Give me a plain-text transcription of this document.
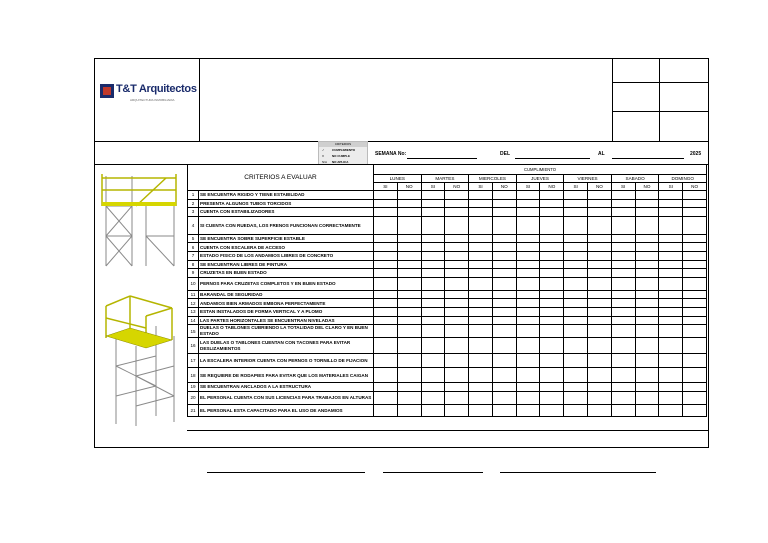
T&T Arquitectos
ARQUITECTURA INMOBILIARIA
CRITERIOS
✓ CUMPLIMIENTO
X	NO CUMPLE
N/A NO APLICA
SEMANA No:	DEL	AL	2025
CRITERIOS A EVALUAR		CUMPLIMIENTO													
		LUNES		MARTES		MIERCOLES		JUEVES		VIERNES		SABADO		DOMINGO	
		SI	NO	SI	NO	SI	NO	SI	NO	SI	NO	SI	NO	SI	NO
1	SE ENCUENTRA RIGIDO Y TIENE ESTABILIDAD														
2	PRESENTA ALGUNOS TUBOS TORCIDOS														
3	CUENTA CON ESTABILIZADORES														
4	SI CUENTA CON RUEDAS, LOS FRENOS FUNCIONAN CORRECTAMENTE														
5	SE ENCUENTRA SOBRE SUPERFICIE ESTABLE														
6	CUENTA CON ESCALERA DE ACCESO														
7	ESTADO FISICO DE LOS ANDAMIOS LIBRES DE CONCRETO														
8	SE ENCUENTRAN LIBRES DE PINTURA														
9	CRUZETAS EN BUEN ESTADO														
10	PERNOS PARA CRUZETAS COMPLETOS Y EN BUEN ESTADO														
11	BARANDAL DE SEGURIDAD														
12	ANDAMIOS BIEN ARMADOS EMBONA PERFECTAMENTE														
13	ESTAN INSTALADOS DE FORMA VERTICAL Y A PLOMO														
14	LAS PARTES HORIZONTALES SE ENCUENTRAN NIVELADAS														
15	DUELAS O TABLONES CUBRIENDO LA TOTALIDAD DEL CLARO Y EN BUEN ESTADO														
16	LAS DUELAS O TABLONES CUENTAN CON TACONES PARA EVITAR DESLIZAMIENTOS														
17	LA ESCALERA INTERIOR CUENTA CON PERNOS O TORNILLO DE FIJACION														
18	SE REQUIERE DE RODAPIES PARA EVITAR QUE LOS MATERIALES CAIGAN														
19	SE ENCUENTRAN ANCLADOS A LA ESTRUCTURA														
20	EL PERSONAL CUENTA CON SUS LICENCIAS PARA TRABAJOS EN ALTURAS														
21	EL PERSONAL ESTA CAPACITADO PARA EL USO DE ANDAMIOS														
